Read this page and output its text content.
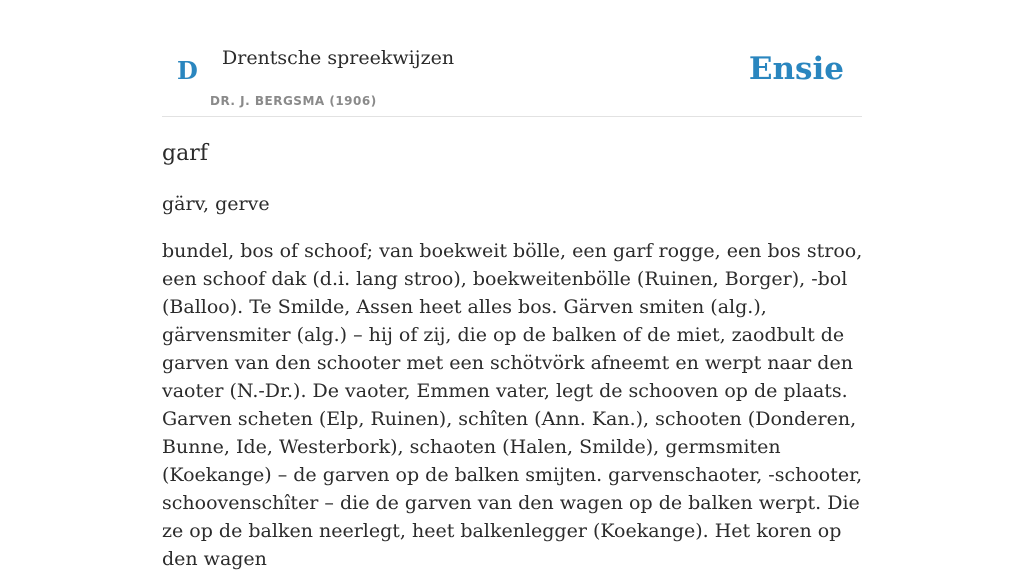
D Drentsche spreekwijzen
DR. J. BERGSMA (1906)
Ensie
garf

gärv, gerve

bundel, bos of schoof; van boekweit bölle, een garf rogge, een bos stroo, een schoof dak (d.i. lang stroo), boekweitenbölle (Ruinen, Borger), -bol (Balloo). Te Smilde, Assen heet alles bos. Gärven smiten (alg.), gärvensmiter (alg.) – hij of zij, die op de balken of de miet, zaodbult de garven van den schooter met een schötvörk afneemt en werpt naar den vaoter (N.-Dr.). De vaoter, Emmen vater, legt de schooven op de plaats. Garven scheten (Elp, Ruinen), schîten (Ann. Kan.), schooten (Donderen, Bunne, Ide, Westerbork), schaoten (Halen, Smilde), germsmiten (Koekange) – de garven op de balken smijten. garvenschaoter, -schooter, schoovenschîter – die de garven van den wagen op de balken werpt. Die ze op de balken neerlegt, heet balkenlegger (Koekange). Het koren op den wagen
